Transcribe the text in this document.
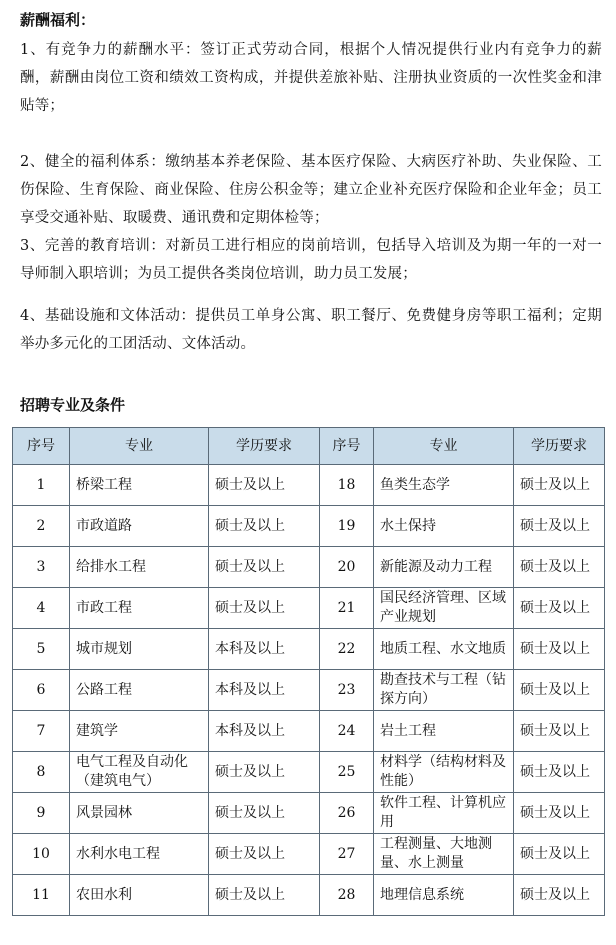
薪酬福利：
1、有竞争力的薪酬水平：签订正式劳动合同，根据个人情况提供行业内有竞争力的薪酬，薪酬由岗位工资和绩效工资构成，并提供差旅补贴、注册执业资质的一次性奖金和津贴等；
2、健全的福利体系：缴纳基本养老保险、基本医疗保险、大病医疗补助、失业保险、工伤保险、生育保险、商业保险、住房公积金等；建立企业补充医疗保险和企业年金；员工享受交通补贴、取暖费、通讯费和定期体检等；
3、完善的教育培训：对新员工进行相应的岗前培训，包括导入培训及为期一年的一对一导师制入职培训；为员工提供各类岗位培训，助力员工发展；
4、基础设施和文体活动：提供员工单身公寓、职工餐厅、免费健身房等职工福利；定期举办多元化的工团活动、文体活动。
招聘专业及条件
序号	专业	学历要求	序号	专业	学历要求
1	桥梁工程	硕士及以上	18	鱼类生态学	硕士及以上
2	市政道路	硕士及以上	19	水土保持	硕士及以上
3	给排水工程	硕士及以上	20	新能源及动力工程	硕士及以上
4	市政工程	硕士及以上	21	国民经济管理、区域产业规划	硕士及以上
5	城市规划	本科及以上	22	地质工程、水文地质	硕士及以上
6	公路工程	本科及以上	23	勘查技术与工程（钻探方向）	硕士及以上
7	建筑学	本科及以上	24	岩土工程	硕士及以上
8	电气工程及自动化（建筑电气）	硕士及以上	25	材料学（结构材料及性能）	硕士及以上
9	风景园林	硕士及以上	26	软件工程、计算机应用	硕士及以上
10	水利水电工程	硕士及以上	27	工程测量、大地测量、水上测量	硕士及以上
11	农田水利	硕士及以上	28	地理信息系统	硕士及以上
